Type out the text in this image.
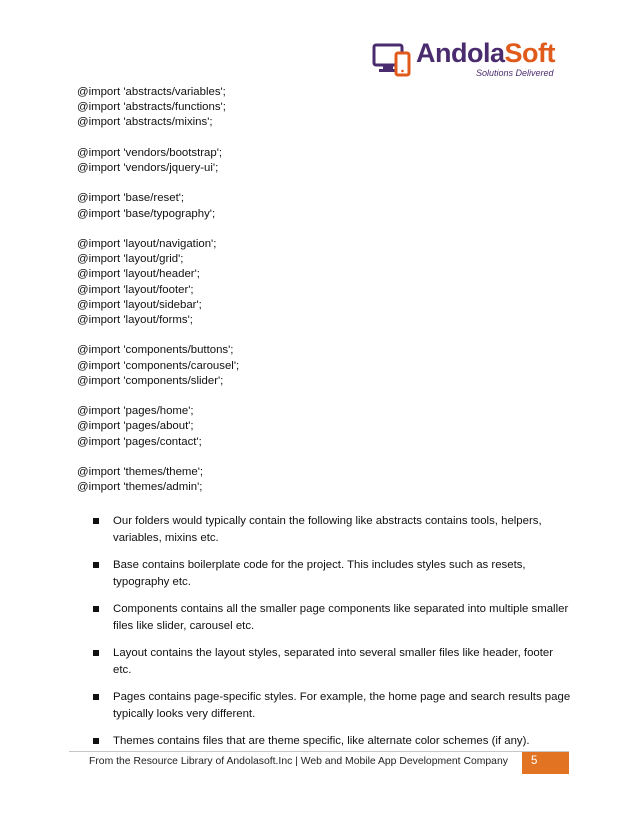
AndolaSoft
Solutions Delivered
@import 'abstracts/variables';
@import 'abstracts/functions';
@import 'abstracts/mixins';
@import 'vendors/bootstrap';
@import 'vendors/jquery-ui';
@import 'base/reset';
@import 'base/typography';
@import 'layout/navigation';
@import 'layout/grid';
@import 'layout/header';
@import 'layout/footer';
@import 'layout/sidebar';
@import 'layout/forms';
@import 'components/buttons';
@import 'components/carousel';
@import 'components/slider';
@import 'pages/home';
@import 'pages/about';
@import 'pages/contact';
@import 'themes/theme';
@import 'themes/admin';
Our folders would typically contain the following like abstracts contains tools, helpers, variables, mixins etc.
Base contains boilerplate code for the project. This includes styles such as resets, typography etc.
Components contains all the smaller page components like separated into multiple smaller files like slider, carousel etc.
Layout contains the layout styles, separated into several smaller files like header, footer etc.
Pages contains page-specific styles. For example, the home page and search results page typically looks very different.
Themes contains files that are theme specific, like alternate color schemes (if any).
From the Resource Library of Andolasoft.Inc | Web and Mobile App Development Company 5
